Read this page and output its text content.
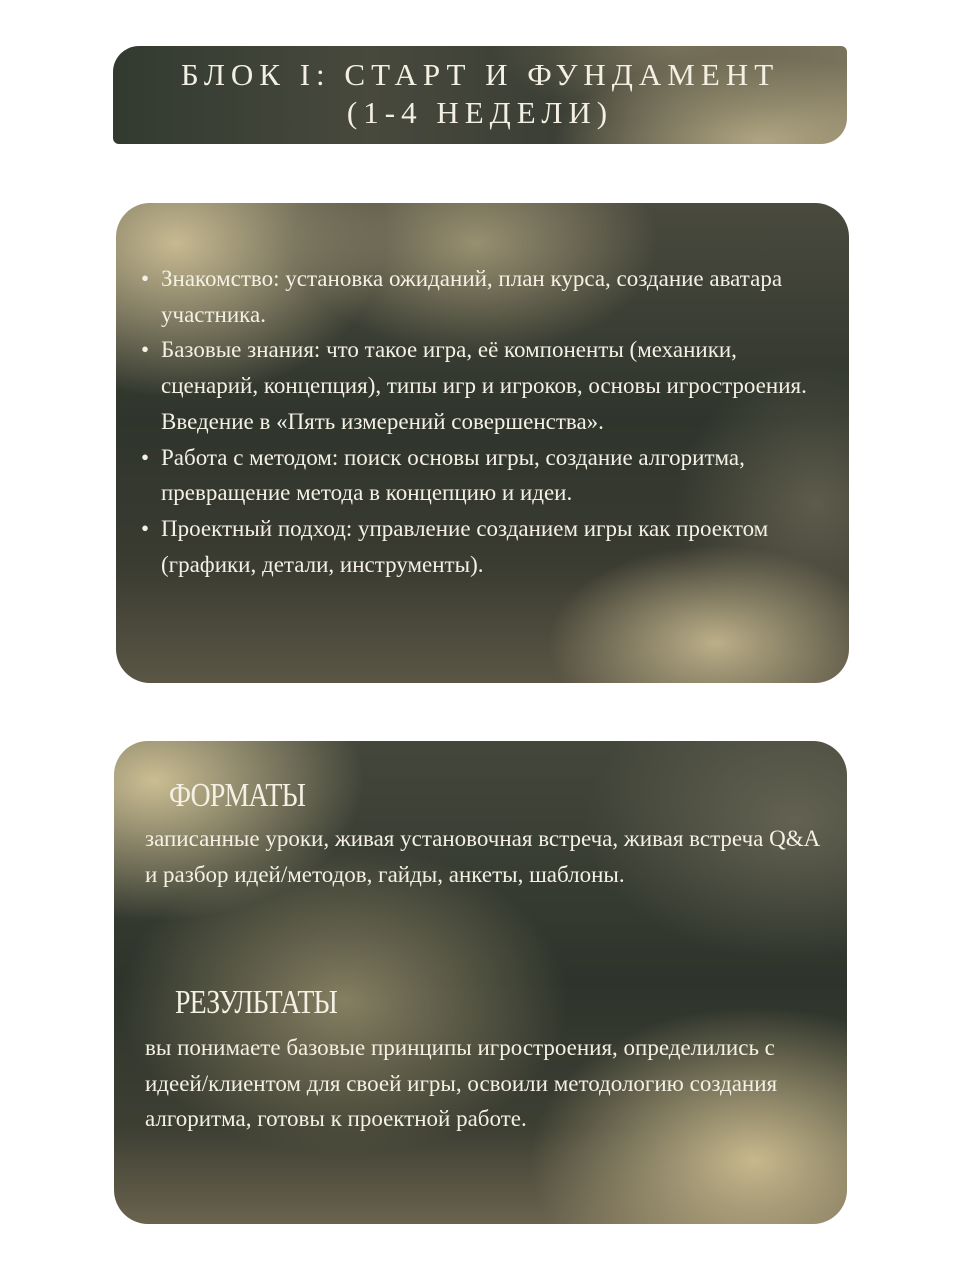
БЛОК I: СТАРТ И ФУНДАМЕНТ
(1-4 НЕДЕЛИ)
• Знакомство: установка ожиданий, план курса, создание аватара участника.
• Базовые знания: что такое игра, её компоненты (механики, сценарий, концепция), типы игр и игроков, основы игростроения. Введение в «Пять измерений совершенства».
• Работа с методом: поиск основы игры, создание алгоритма, превращение метода в концепцию и идеи.
• Проектный подход: управление созданием игры как проектом (графики, детали, инструменты).
ФОРМАТЫ
записанные уроки, живая установочная встреча, живая встреча Q&A и разбор идей/методов, гайды, анкеты, шаблоны.
РЕЗУЛЬТАТЫ
вы понимаете базовые принципы игростроения, определились с идеей/клиентом для своей игры, освоили методологию создания алгоритма, готовы к проектной работе.
